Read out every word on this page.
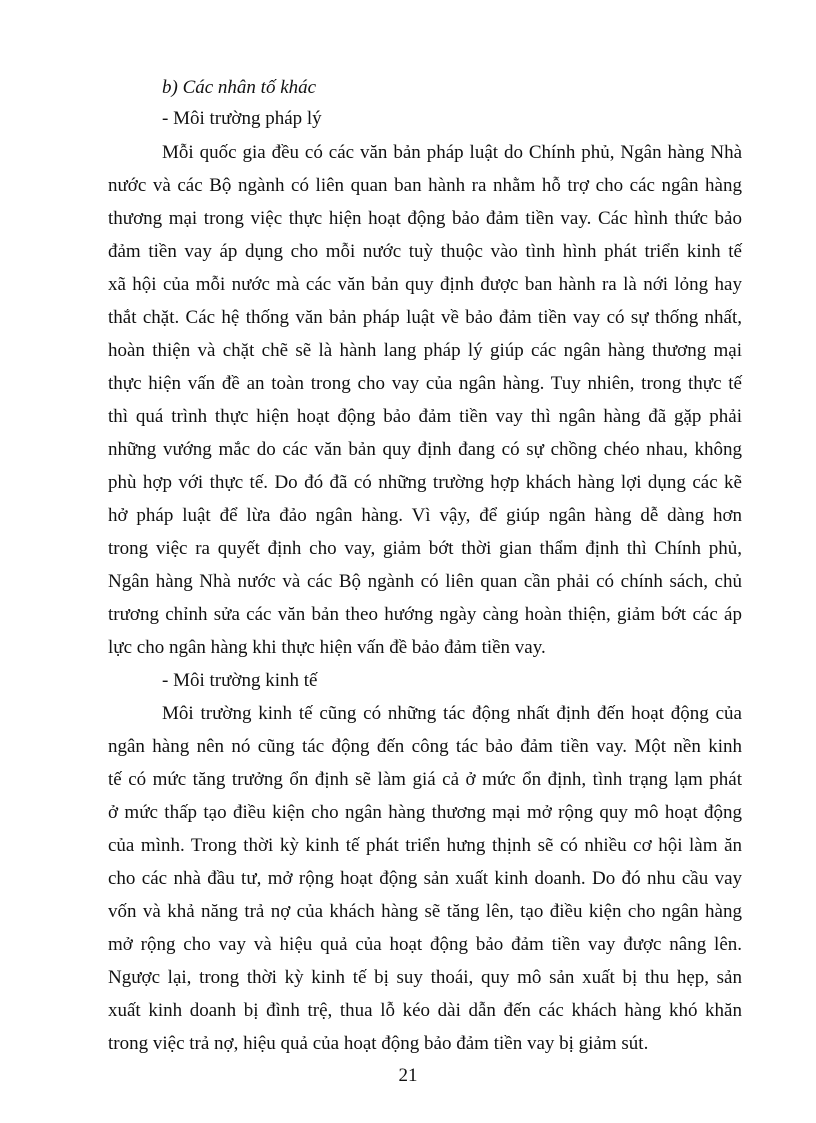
b) Các nhân tố khác
- Môi trường pháp lý
Mỗi quốc gia đều có các văn bản pháp luật do Chính phủ, Ngân hàng Nhà
nước và các Bộ ngành có liên quan ban hành ra nhằm hỗ trợ cho các ngân hàng
thương mại trong việc thực hiện hoạt động bảo đảm tiền vay. Các hình thức bảo
đảm tiền vay áp dụng cho mỗi nước tuỳ thuộc vào tình hình phát triển kinh tế
xã hội của mỗi nước mà các văn bản quy định được ban hành ra là nới lỏng hay
thắt chặt. Các hệ thống văn bản pháp luật về bảo đảm tiền vay có sự thống nhất,
hoàn thiện và chặt chẽ sẽ là hành lang pháp lý giúp các ngân hàng thương mại
thực hiện vấn đề an toàn trong cho vay của ngân hàng. Tuy nhiên, trong thực tế
thì quá trình thực hiện hoạt động bảo đảm tiền vay thì ngân hàng đã gặp phải
những vướng mắc do các văn bản quy định đang có sự chồng chéo nhau, không
phù hợp với thực tế. Do đó đã có những trường hợp khách hàng lợi dụng các kẽ
hở pháp luật để lừa đảo ngân hàng. Vì vậy, để giúp ngân hàng dễ dàng hơn
trong việc ra quyết định cho vay, giảm bớt thời gian thẩm định thì Chính phủ,
Ngân hàng Nhà nước và các Bộ ngành có liên quan cần phải có chính sách, chủ
trương chỉnh sửa các văn bản theo hướng ngày càng hoàn thiện, giảm bớt các áp
lực cho ngân hàng khi thực hiện vấn đề bảo đảm tiền vay.
- Môi trường kinh tế
Môi trường kinh tế cũng có những tác động nhất định đến hoạt động của
ngân hàng nên nó cũng tác động đến công tác bảo đảm tiền vay. Một nền kinh
tế có mức tăng trưởng ổn định sẽ làm giá cả ở mức ổn định, tình trạng lạm phát
ở mức thấp tạo điều kiện cho ngân hàng thương mại mở rộng quy mô hoạt động
của mình. Trong thời kỳ kinh tế phát triển hưng thịnh sẽ có nhiều cơ hội làm ăn
cho các nhà đầu tư, mở rộng hoạt động sản xuất kinh doanh. Do đó nhu cầu vay
vốn và khả năng trả nợ của khách hàng sẽ tăng lên, tạo điều kiện cho ngân hàng
mở rộng cho vay và hiệu quả của hoạt động bảo đảm tiền vay được nâng lên.
Ngược lại, trong thời kỳ kinh tế bị suy thoái, quy mô sản xuất bị thu hẹp, sản
xuất kinh doanh bị đình trệ, thua lỗ kéo dài dẫn đến các khách hàng khó khăn
trong việc trả nợ, hiệu quả của hoạt động bảo đảm tiền vay bị giảm sút.
21
